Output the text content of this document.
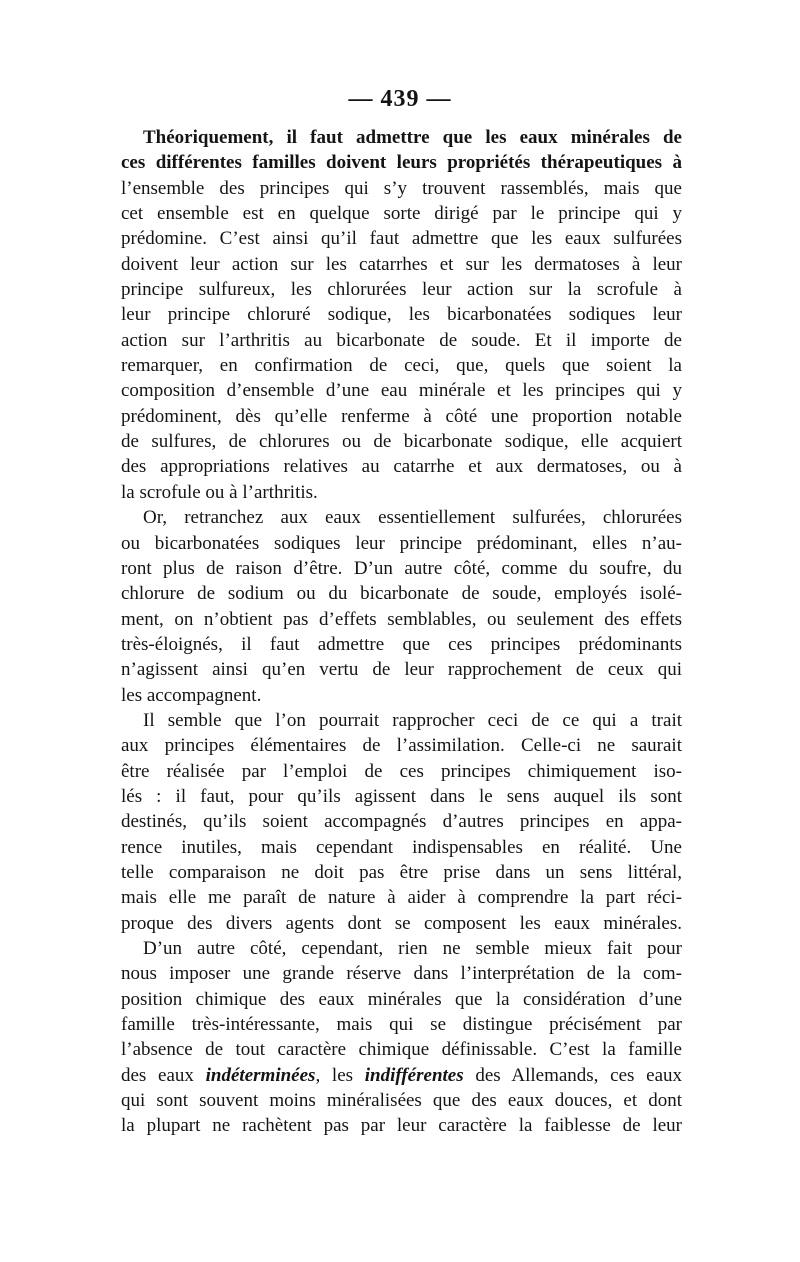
— 439 —
Théoriquement, il faut admettre que les eaux minérales de
ces différentes familles doivent leurs propriétés thérapeutiques à
l’ensemble des principes qui s’y trouvent rassemblés, mais que
cet ensemble est en quelque sorte dirigé par le principe qui y
prédomine. C’est ainsi qu’il faut admettre que les eaux sulfurées
doivent leur action sur les catarrhes et sur les dermatoses à leur
principe sulfureux, les chlorurées leur action sur la scrofule à
leur principe chloruré sodique, les bicarbonatées sodiques leur
action sur l’arthritis au bicarbonate de soude. Et il importe de
remarquer, en confirmation de ceci, que, quels que soient la
composition d’ensemble d’une eau minérale et les principes qui y
prédominent, dès qu’elle renferme à côté une proportion notable
de sulfures, de chlorures ou de bicarbonate sodique, elle acquiert
des appropriations relatives au catarrhe et aux dermatoses, ou à
la scrofule ou à l’arthritis.
Or, retranchez aux eaux essentiellement sulfurées, chlorurées
ou bicarbonatées sodiques leur principe prédominant, elles n’au-
ront plus de raison d’être. D’un autre côté, comme du soufre, du
chlorure de sodium ou du bicarbonate de soude, employés isolé-
ment, on n’obtient pas d’effets semblables, ou seulement des effets
très-éloignés, il faut admettre que ces principes prédominants
n’agissent ainsi qu’en vertu de leur rapprochement de ceux qui
les accompagnent.
Il semble que l’on pourrait rapprocher ceci de ce qui a trait
aux principes élémentaires de l’assimilation. Celle-ci ne saurait
être réalisée par l’emploi de ces principes chimiquement iso-
lés : il faut, pour qu’ils agissent dans le sens auquel ils sont
destinés, qu’ils soient accompagnés d’autres principes en appa-
rence inutiles, mais cependant indispensables en réalité. Une
telle comparaison ne doit pas être prise dans un sens littéral,
mais elle me paraît de nature à aider à comprendre la part réci-
proque des divers agents dont se composent les eaux minérales.
D’un autre côté, cependant, rien ne semble mieux fait pour
nous imposer une grande réserve dans l’interprétation de la com-
position chimique des eaux minérales que la considération d’une
famille très-intéressante, mais qui se distingue précisément par
l’absence de tout caractère chimique définissable. C’est la famille
des eaux indéterminées, les indifférentes des Allemands, ces eaux
qui sont souvent moins minéralisées que des eaux douces, et dont
la plupart ne rachètent pas par leur caractère la faiblesse de leur
